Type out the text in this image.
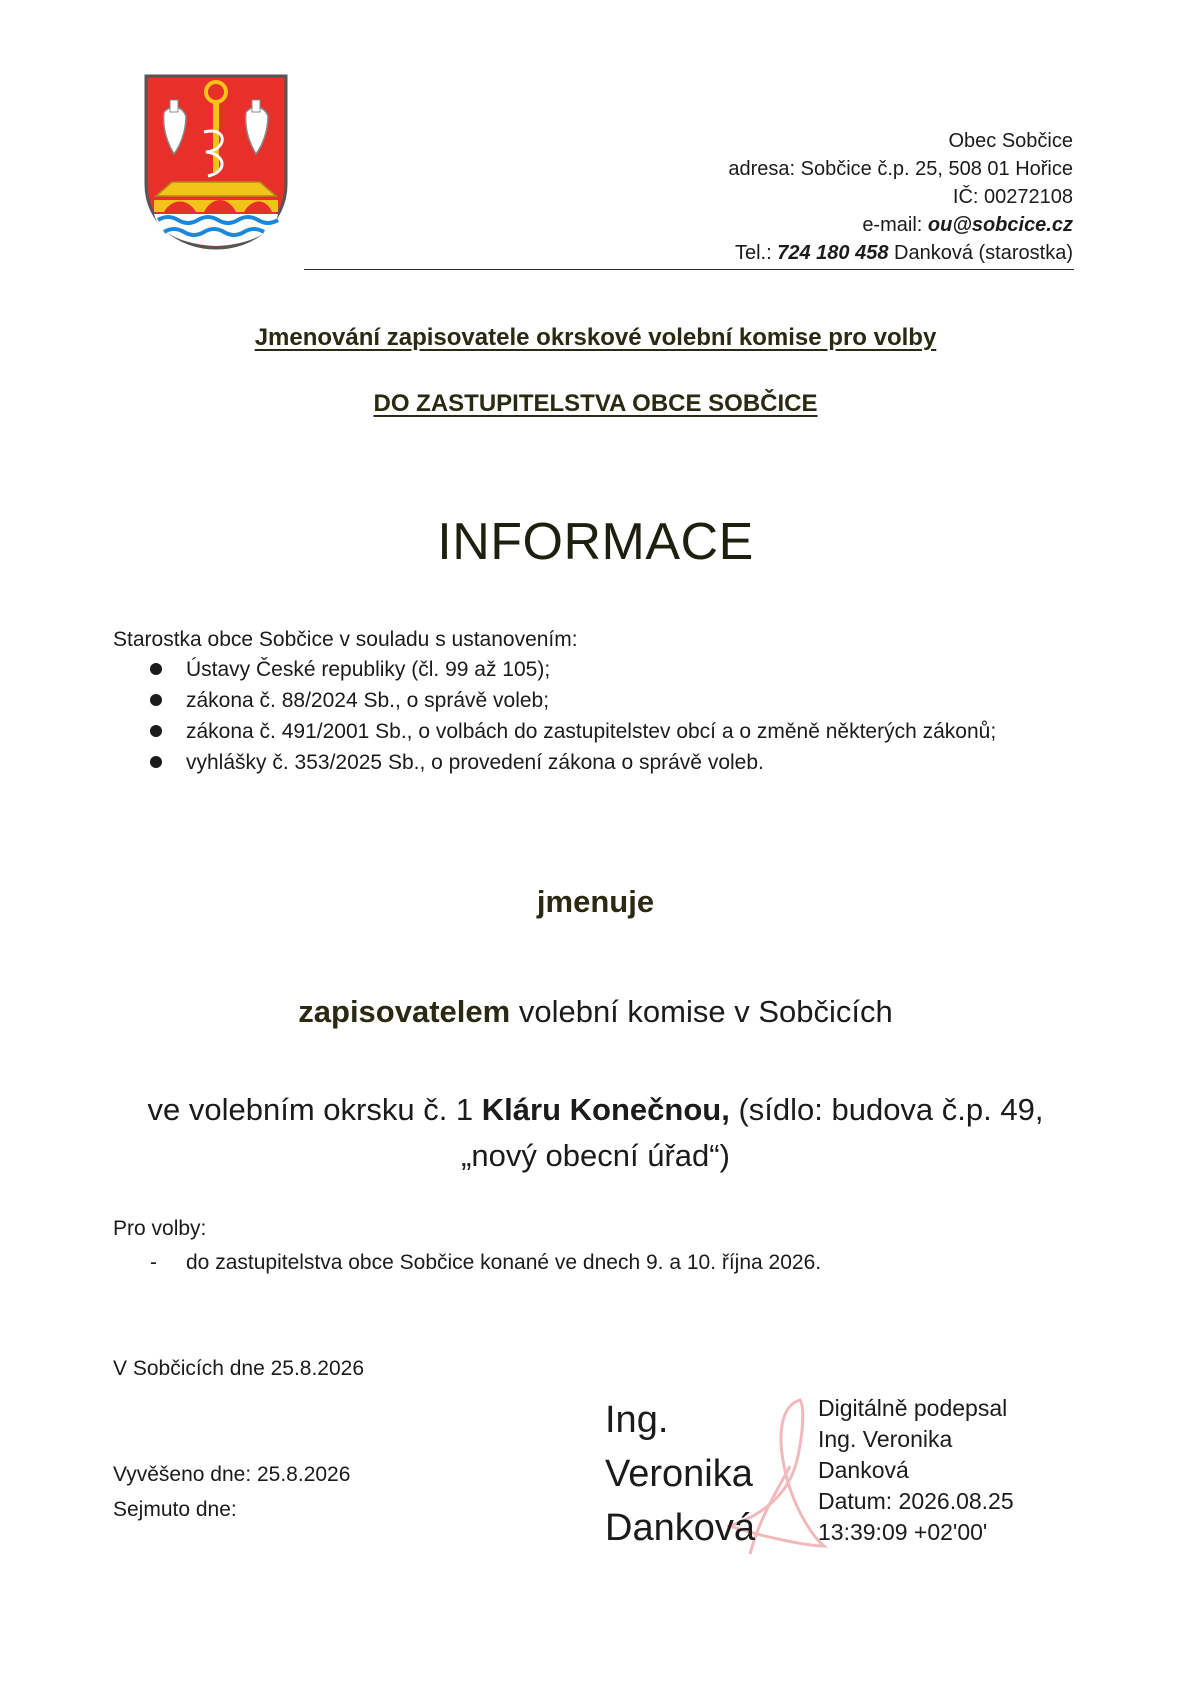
Obec Sobčice
adresa: Sobčice č.p. 25, 508 01 Hořice
IČ: 00272108
e-mail: ou@sobcice.cz
Tel.: 724 180 458 Danková (starostka)
Jmenování zapisovatele okrskové volební komise pro volby
DO ZASTUPITELSTVA OBCE SOBČICE
INFORMACE
Starostka obce Sobčice v souladu s ustanovením:
Ústavy České republiky (čl. 99 až 105);
zákona č. 88/2024 Sb., o správě voleb;
zákona č. 491/2001 Sb., o volbách do zastupitelstev obcí a o změně některých zákonů;
vyhlášky č. 353/2025 Sb., o provedení zákona o správě voleb.
jmenuje
zapisovatelem volební komise v Sobčicích
ve volebním okrsku č. 1 Kláru Konečnou, (sídlo: budova č.p. 49,
„nový obecní úřad“)
Pro volby:
- do zastupitelstva obce Sobčice konané ve dnech 9. a 10. října 2026.
V Sobčicích dne 25.8.2026
Vyvěšeno dne: 25.8.2026
Sejmuto dne:
Ing.
Veronika
Danková
Digitálně podepsal
Ing. Veronika
Danková
Datum: 2026.08.25
13:39:09 +02'00'
